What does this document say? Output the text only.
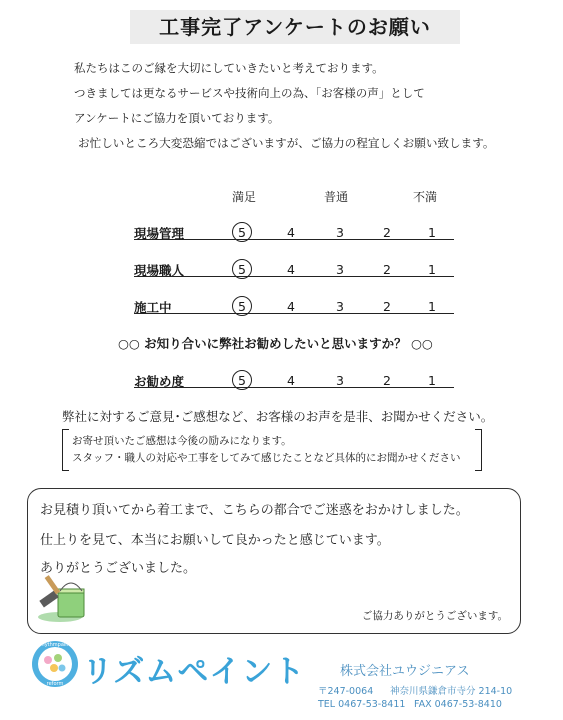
工事完了アンケートのお願い
私たちはこのご縁を大切にしていきたいと考えております。
つきましては更なるサービスや技術向上の為、「お客様の声」として
アンケートにご協力を頂いております。
お忙しいところ大変恐縮ではございますが、ご協力の程宜しくお願い致します。
満足	普通	不満
現場管理	5	4	3	2	1
現場職人	5	4	3	2	1
施工中	5	4	3	2	1
○○ お知り合いに弊社お勧めしたいと思いますか？ ○○
お勧め度	5	4	3	2	1
弊社に対するご意見･ご感想など、お客様のお声を是非、お聞かせください。
お寄せ頂いたご感想は今後の励みになります。
スタッフ・職人の対応や工事をしてみて感じたことなど具体的にお聞かせください
お見積り頂いてから着工まで、こちらの都合でご迷惑をおかけしました。
仕上りを見て、本当にお願いして良かったと感じています。
ありがとうございました。
ご協力ありがとうございます。
rhythmpaint
reform リズムペイント	株式会社ユウジニアス
〒247-0064 神奈川県鎌倉市寺分 214-10
TEL 0467-53-8411 FAX 0467-53-8410
